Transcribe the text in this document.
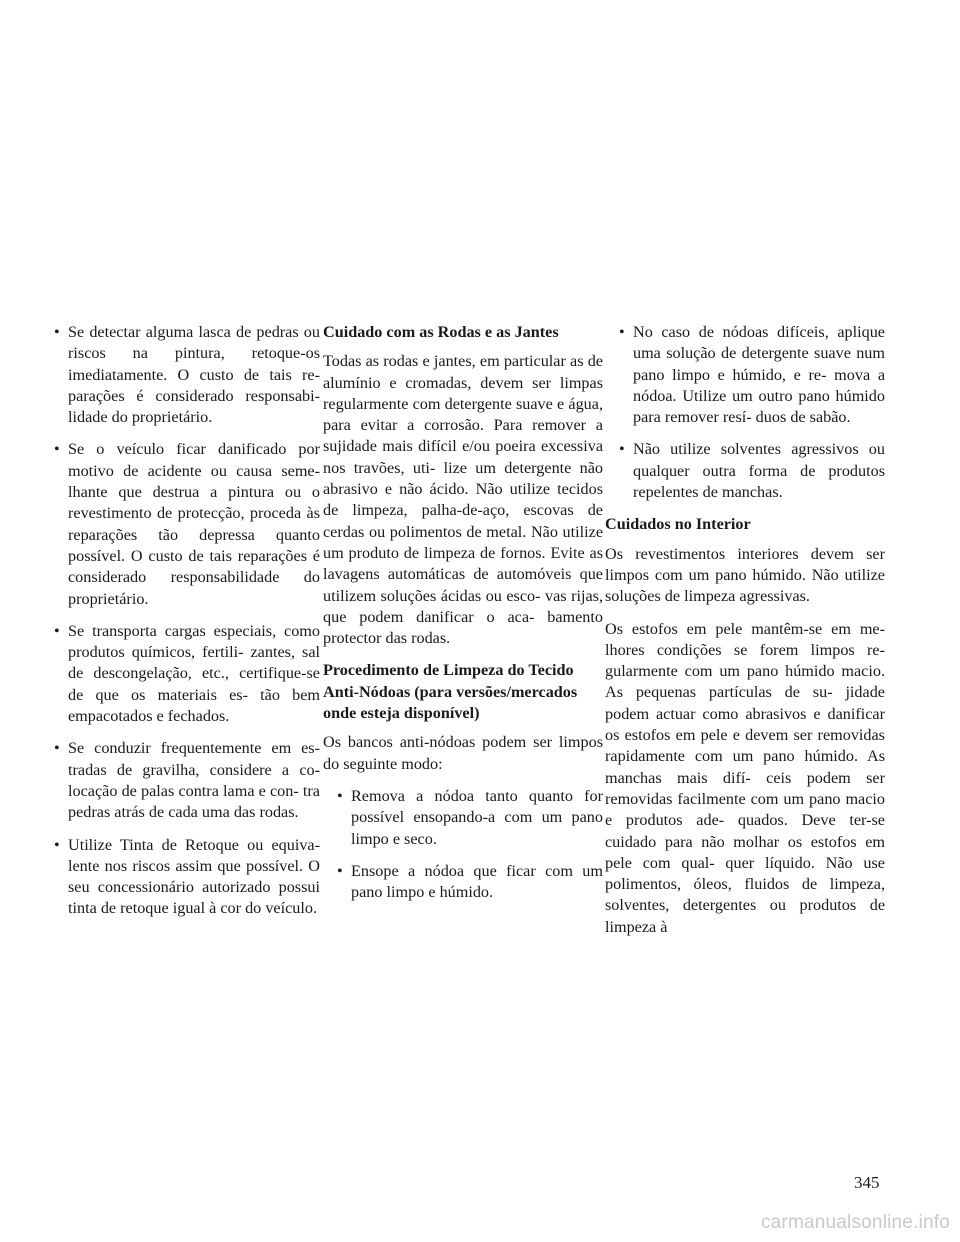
• Se detectar alguma lasca de pedras ou riscos na pintura, retoque-os imediatamente. O custo de tais re- parações é considerado responsabi- lidade do proprietário.
• Se o veículo ficar danificado por motivo de acidente ou causa seme- lhante que destrua a pintura ou o revestimento de protecção, proceda às reparações tão depressa quanto possível. O custo de tais reparações é considerado responsabilidade do proprietário.
• Se transporta cargas especiais, como produtos químicos, fertili- zantes, sal de descongelação, etc., certifique-se de que os materiais es- tão bem empacotados e fechados.
• Se conduzir frequentemente em es- tradas de gravilha, considere a co- locação de palas contra lama e con- tra pedras atrás de cada uma das rodas.
• Utilize Tinta de Retoque ou equiva- lente nos riscos assim que possível. O seu concessionário autorizado possui tinta de retoque igual à cor do veículo.
Cuidado com as Rodas e as Jantes

Todas as rodas e jantes, em particular as de alumínio e cromadas, devem ser limpas regularmente com detergente suave e água, para evitar a corrosão. Para remover a sujidade mais difícil e/ou poeira excessiva nos travões, uti- lize um detergente não abrasivo e não ácido. Não utilize tecidos de limpeza, palha-de-aço, escovas de cerdas ou polimentos de metal. Não utilize um produto de limpeza de fornos. Evite as lavagens automáticas de automóveis que utilizem soluções ácidas ou esco- vas rijas, que podem danificar o aca- bamento protector das rodas.

Procedimento de Limpeza do Tecido Anti-Nódoas (para versões/mercados onde esteja disponível)

Os bancos anti-nódoas podem ser limpos do seguinte modo:

• Remova a nódoa tanto quanto for possível ensopando-a com um pano limpo e seco.
• Ensope a nódoa que ficar com um pano limpo e húmido.
• No caso de nódoas difíceis, aplique uma solução de detergente suave num pano limpo e húmido, e re- mova a nódoa. Utilize um outro pano húmido para remover resí- duos de sabão.
• Não utilize solventes agressivos ou qualquer outra forma de produtos repelentes de manchas.
Cuidados no Interior

Os revestimentos interiores devem ser limpos com um pano húmido. Não utilize soluções de limpeza agressivas.

Os estofos em pele mantêm-se em me- lhores condições se forem limpos re- gularmente com um pano húmido macio. As pequenas partículas de su- jidade podem actuar como abrasivos e danificar os estofos em pele e devem ser removidas rapidamente com um pano húmido. As manchas mais difí- ceis podem ser removidas facilmente com um pano macio e produtos ade- quados. Deve ter-se cuidado para não molhar os estofos em pele com qual- quer líquido. Não use polimentos, óleos, fluidos de limpeza, solventes, detergentes ou produtos de limpeza à

345
carmanualsonline.info
